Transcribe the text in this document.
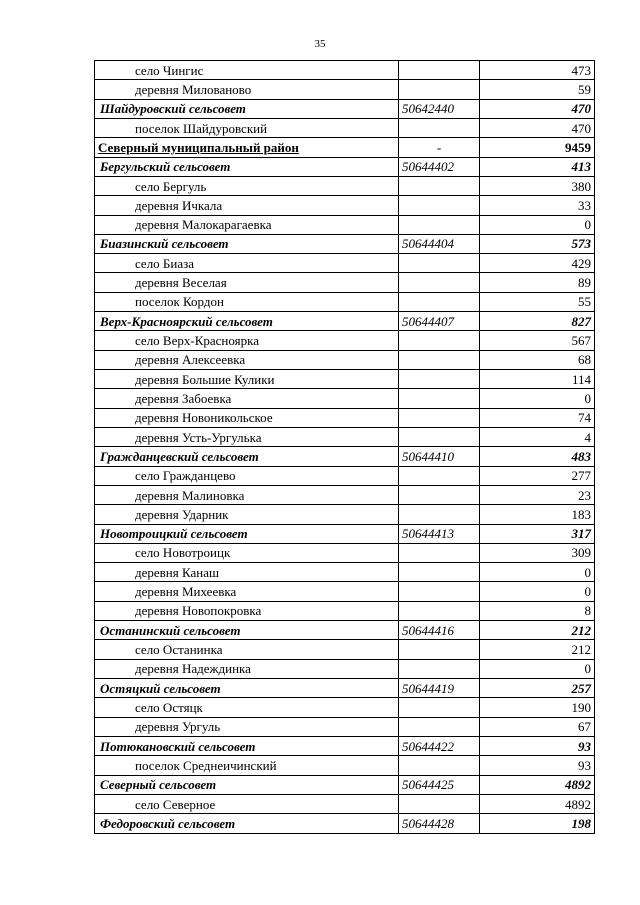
35
село Чингис		473
деревня Милованово		59
Шайдуровский сельсовет	50642440	470
поселок Шайдуровский		470
Северный муниципальный район	-	9459
Бергульский сельсовет	50644402	413
село Бергуль		380
деревня Ичкала		33
деревня Малокарагаевка		0
Биазинский сельсовет	50644404	573
село Биаза		429
деревня Веселая		89
поселок Кордон		55
Верх-Красноярский сельсовет	50644407	827
село Верх-Красноярка		567
деревня Алексеевка		68
деревня Большие Кулики		114
деревня Забоевка		0
деревня Новоникольское		74
деревня Усть-Ургулька		4
Гражданцевский сельсовет	50644410	483
село Гражданцево		277
деревня Малиновка		23
деревня Ударник		183
Новотроицкий сельсовет	50644413	317
село Новотроицк		309
деревня Канаш		0
деревня Михеевка		0
деревня Новопокровка		8
Останинский сельсовет	50644416	212
село Останинка		212
деревня Надеждинка		0
Остяцкий сельсовет	50644419	257
село Остяцк		190
деревня Ургуль		67
Потюкановский сельсовет	50644422	93
поселок Среднеичинский		93
Северный сельсовет	50644425	4892
село Северное		4892
Федоровский сельсовет	50644428	198
